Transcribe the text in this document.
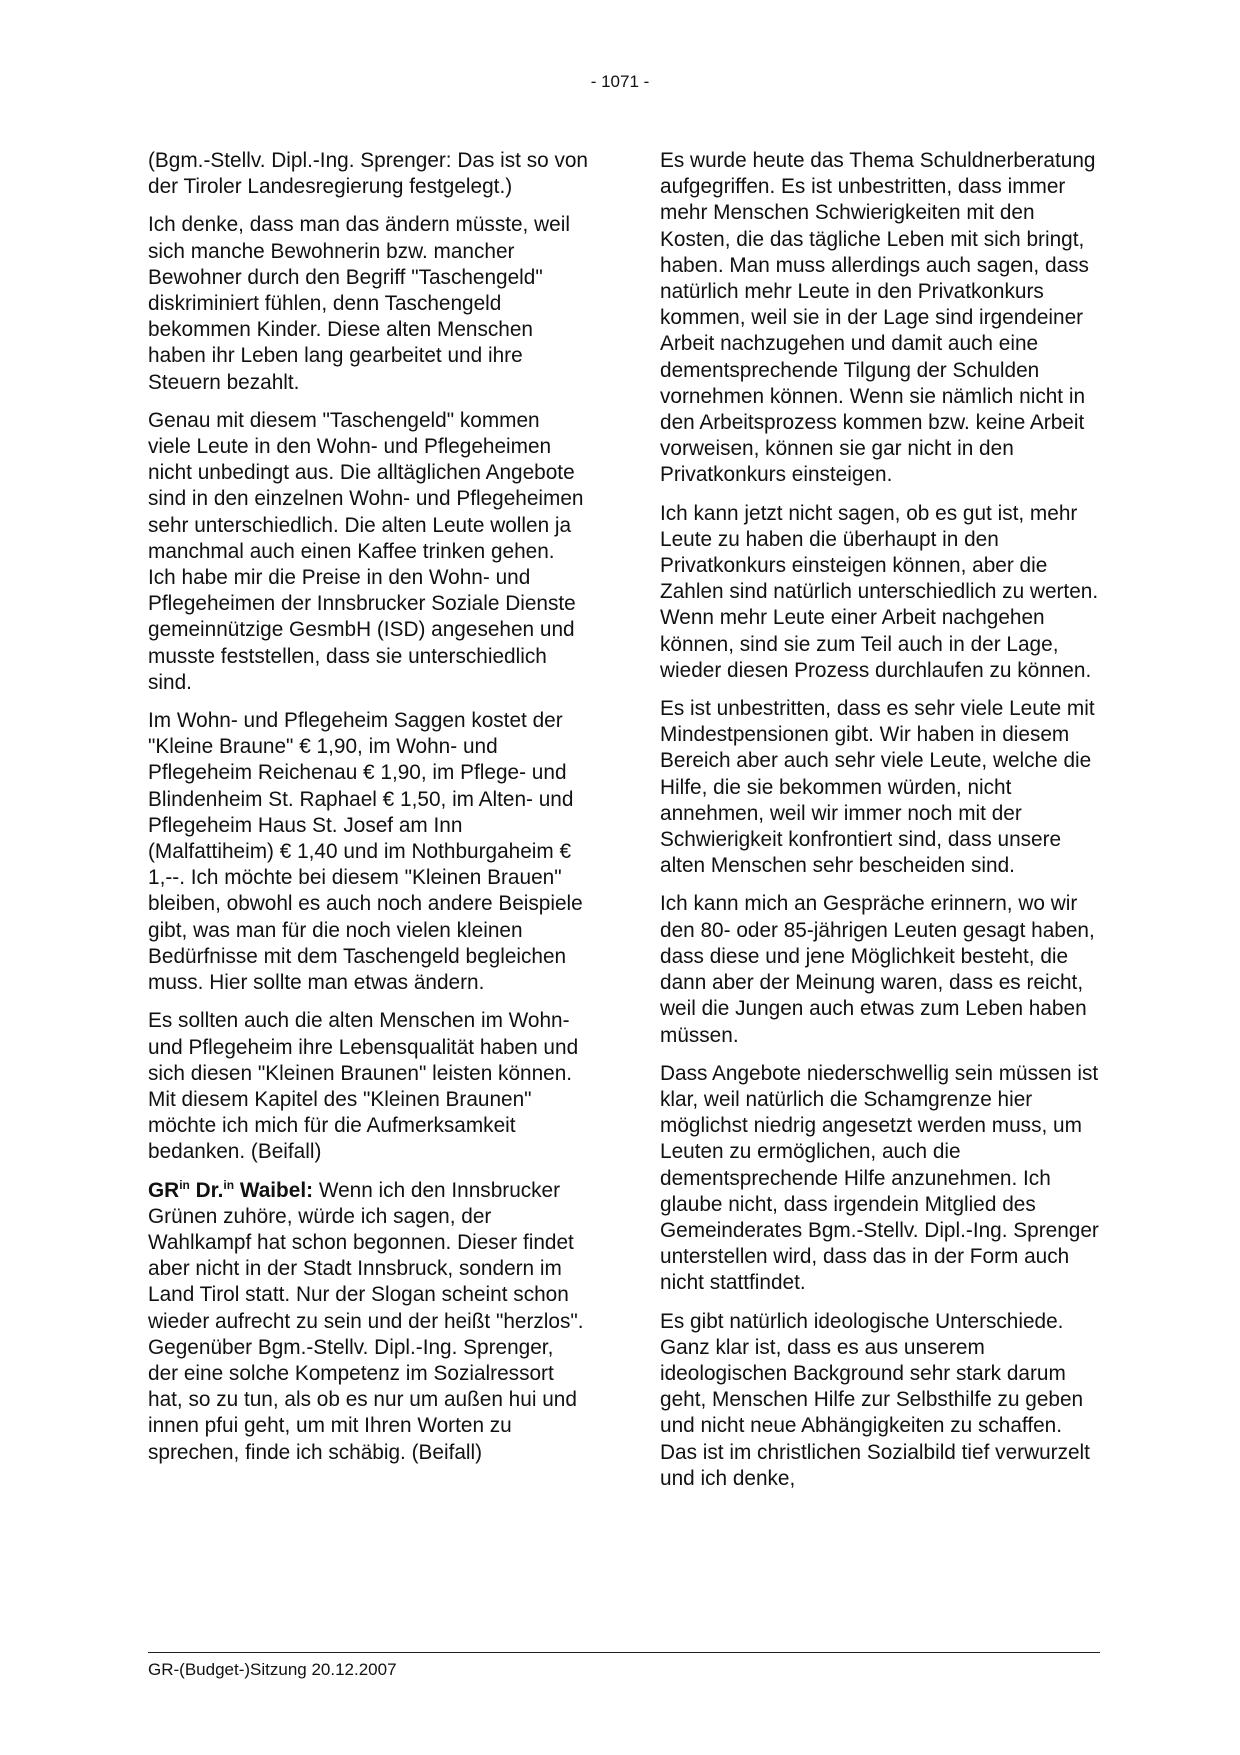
- 1071 -

(Bgm.-Stellv. Dipl.-Ing. Sprenger: Das ist so von der Tiroler Landesregierung festgelegt.)

Ich denke, dass man das ändern müsste, weil sich manche Bewohnerin bzw. mancher Bewohner durch den Begriff "Taschengeld" diskriminiert fühlen, denn Taschengeld bekommen Kinder. Diese alten Menschen haben ihr Leben lang gearbeitet und ihre Steuern bezahlt.

Genau mit diesem "Taschengeld" kommen viele Leute in den Wohn- und Pflegeheimen nicht unbedingt aus. Die alltäglichen Angebote sind in den einzelnen Wohn- und Pflegeheimen sehr unterschiedlich. Die alten Leute wollen ja manchmal auch einen Kaffee trinken gehen. Ich habe mir die Preise in den Wohn- und Pflegeheimen der Innsbrucker Soziale Dienste gemeinnützige GesmbH (ISD) angesehen und musste feststellen, dass sie unterschiedlich sind.

Im Wohn- und Pflegeheim Saggen kostet der "Kleine Braune" € 1,90, im Wohn- und Pflegeheim Reichenau € 1,90, im Pflege- und Blindenheim St. Raphael € 1,50, im Alten- und Pflegeheim Haus St. Josef am Inn (Malfattiheim) € 1,40 und im Nothburgaheim € 1,--. Ich möchte bei diesem "Kleinen Brauen" bleiben, obwohl es auch noch andere Beispiele gibt, was man für die noch vielen kleinen Bedürfnisse mit dem Taschengeld begleichen muss. Hier sollte man etwas ändern.

Es sollten auch die alten Menschen im Wohn- und Pflegeheim ihre Lebensqualität haben und sich diesen "Kleinen Braunen" leisten können. Mit diesem Kapitel des "Kleinen Braunen" möchte ich mich für die Aufmerksamkeit bedanken. (Beifall)

$GR^{in}$ Dr.$^{in}$ Waibel: Wenn ich den Innsbrucker Grünen zuhöre, würde ich sagen, der Wahlkampf hat schon begonnen. Dieser findet aber nicht in der Stadt Innsbruck, sondern im Land Tirol statt. Nur der Slogan scheint schon wieder aufrecht zu sein und der heißt "herzlos". Gegenüber Bgm.-Stellv. Dipl.-Ing. Sprenger, der eine solche Kompetenz im Sozialressort hat, so zu tun, als ob es nur um außen hui und innen pfui geht, um mit Ihren Worten zu sprechen, finde ich schäbig. (Beifall)

Es wurde heute das Thema Schuldnerberatung aufgegriffen. Es ist unbestritten, dass immer mehr Menschen Schwierigkeiten mit den Kosten, die das tägliche Leben mit sich bringt, haben. Man muss allerdings auch sagen, dass natürlich mehr Leute in den Privatkonkurs kommen, weil sie in der Lage sind irgendeiner Arbeit nachzugehen und damit auch eine dementsprechende Tilgung der Schulden vornehmen können. Wenn sie nämlich nicht in den Arbeitsprozess kommen bzw. keine Arbeit vorweisen, können sie gar nicht in den Privatkonkurs einsteigen.

Ich kann jetzt nicht sagen, ob es gut ist, mehr Leute zu haben die überhaupt in den Privatkonkurs einsteigen können, aber die Zahlen sind natürlich unterschiedlich zu werten. Wenn mehr Leute einer Arbeit nachgehen können, sind sie zum Teil auch in der Lage, wieder diesen Prozess durchlaufen zu können.

Es ist unbestritten, dass es sehr viele Leute mit Mindestpensionen gibt. Wir haben in diesem Bereich aber auch sehr viele Leute, welche die Hilfe, die sie bekommen würden, nicht annehmen, weil wir immer noch mit der Schwierigkeit konfrontiert sind, dass unsere alten Menschen sehr bescheiden sind.

Ich kann mich an Gespräche erinnern, wo wir den 80- oder 85-jährigen Leuten gesagt haben, dass diese und jene Möglichkeit besteht, die dann aber der Meinung waren, dass es reicht, weil die Jungen auch etwas zum Leben haben müssen.

Dass Angebote niederschwellig sein müssen ist klar, weil natürlich die Schamgrenze hier möglichst niedrig angesetzt werden muss, um Leuten zu ermöglichen, auch die dementsprechende Hilfe anzunehmen. Ich glaube nicht, dass irgendein Mitglied des Gemeinderates Bgm.-Stellv. Dipl.-Ing. Sprenger unterstellen wird, dass das in der Form auch nicht stattfindet.

Es gibt natürlich ideologische Unterschiede. Ganz klar ist, dass es aus unserem ideologischen Background sehr stark darum geht, Menschen Hilfe zur Selbsthilfe zu geben und nicht neue Abhängigkeiten zu schaffen. Das ist im christlichen Sozialbild tief verwurzelt und ich denke,

GR-(Budget-)Sitzung 20.12.2007
